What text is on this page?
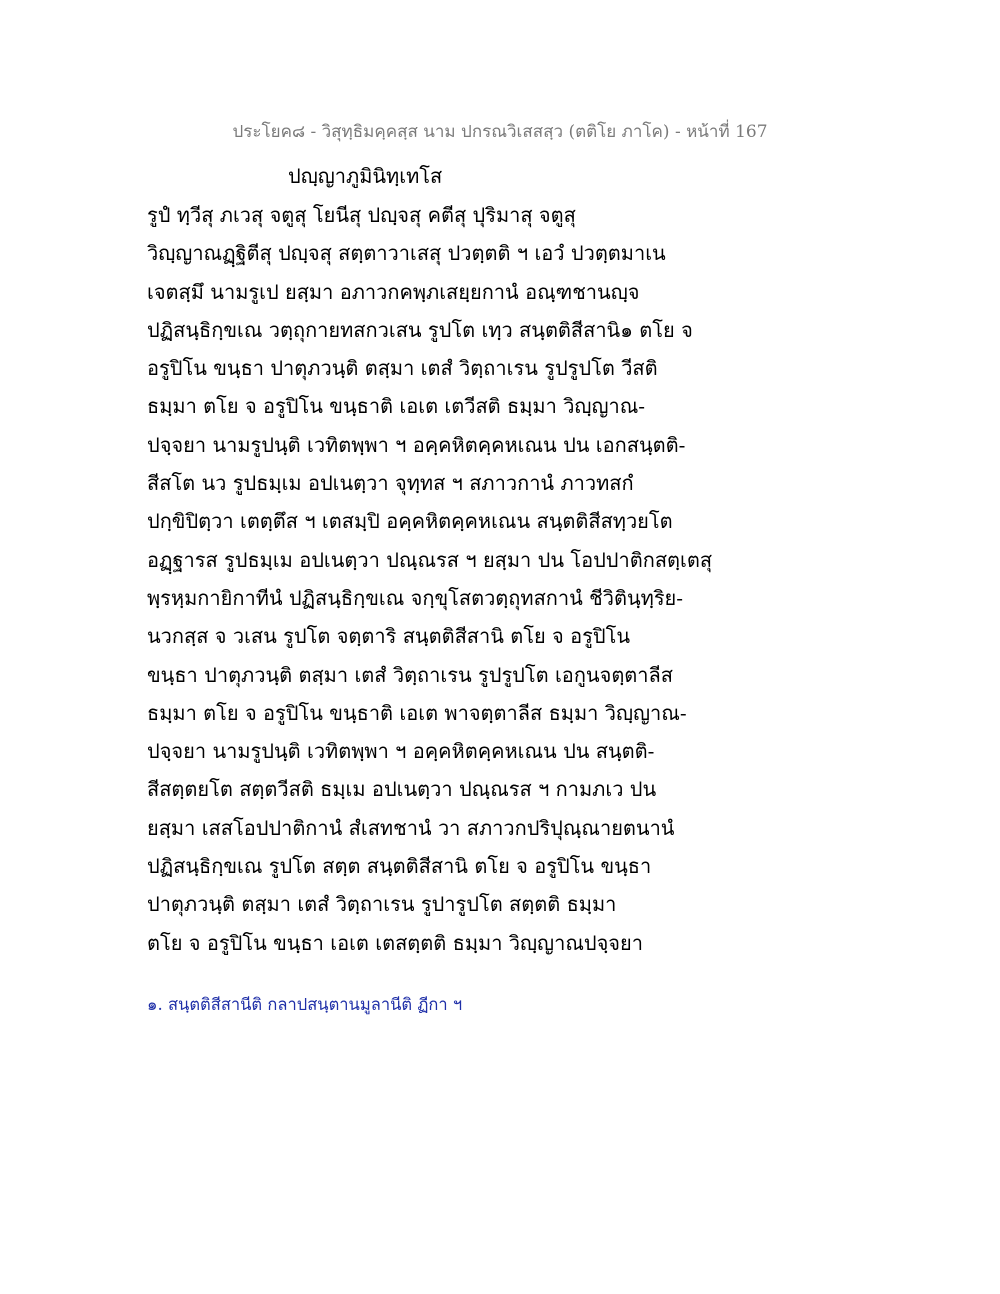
ประโยค๘ - วิสุทฺธิมคฺคสฺส นาม ปกรณวิเสสสฺว (ตติโย ภาโค) - หน้าที่ 167
ปญฺญาภูมินิทฺเทโส
รูปํ ทฺวีสุ ภเวสุ จตูสุ โยนีสุ ปญฺจสุ คตีสุ ปุริมาสุ จตูสุ
วิญฺญาณฏฺฐิตีสุ ปญฺจสุ สตฺตาวาเสสุ ปวตฺตติ ฯ เอวํ ปวตฺตมาเน
เจตสฺมึ นามรูเป ยสฺมา อภาวกคพฺภเสยฺยกานํ อณฺฑชานญฺจ
ปฏิสนฺธิกฺขเณ วตฺถุกายทสกวเสน รูปโต เทฺว สนฺตติสีสานิ๑ ตโย จ
อรูปิโน ขนฺธา ปาตุภวนฺติ ตสฺมา เตสํ วิตฺถาเรน รูปรูปโต วีสติ
ธมฺมา ตโย จ อรูปิโน ขนฺธาติ เอเต เตวีสติ ธมฺมา วิญฺญาณ-
ปจฺจยา นามรูปนฺติ เวทิตพฺพา ฯ อคฺคหิตคฺคหเณน ปน เอกสนฺตติ-
สีสโต นว รูปธมฺเม อปเนตฺวา จุทฺทส ฯ สภาวกานํ ภาวทสกํ
ปกฺขิปิตฺวา เตตฺตึส ฯ เตสมฺปิ อคฺคหิตคฺคหเณน สนฺตติสีสทฺวยโต
อฏฺฐารส รูปธมฺเม อปเนตฺวา ปณฺณรส ฯ ยสฺมา ปน โอปปาติกสตฺเตสุ
พฺรหฺมกายิกาทีนํ ปฏิสนฺธิกฺขเณ จกฺขุโสตวตฺถุทสกานํ ชีวิตินฺทฺริย-
นวกสฺส จ วเสน รูปโต จตฺตาริ สนฺตติสีสานิ ตโย จ อรูปิโน
ขนฺธา ปาตุภวนฺติ ตสฺมา เตสํ วิตฺถาเรน รูปรูปโต เอกูนจตฺตาลีส
ธมฺมา ตโย จ อรูปิโน ขนฺธาติ เอเต พาจตฺตาลีส ธมฺมา วิญฺญาณ-
ปจฺจยา นามรูปนฺติ เวทิตพฺพา ฯ อคฺคหิตคฺคหเณน ปน สนฺตติ-
สีสตฺตยโต สตฺตวีสติ ธมฺเม อปเนตฺวา ปณฺณรส ฯ กามภเว ปน
ยสฺมา เสสโอปปาติกานํ สํเสทชานํ วา สภาวกปริปุณฺณายตนานํ
ปฏิสนฺธิกฺขเณ รูปโต สตฺต สนฺตติสีสานิ ตโย จ อรูปิโน ขนฺธา
ปาตุภวนฺติ ตสฺมา เตสํ วิตฺถาเรน รูปารูปโต สตฺตติ ธมฺมา
ตโย จ อรูปิโน ขนฺธา เอเต เตสตฺตติ ธมฺมา วิญฺญาณปจฺจยา
๑. สนฺตติสีสานีติ กลาปสนฺตานมูลานีติ ฏีกา ฯ
